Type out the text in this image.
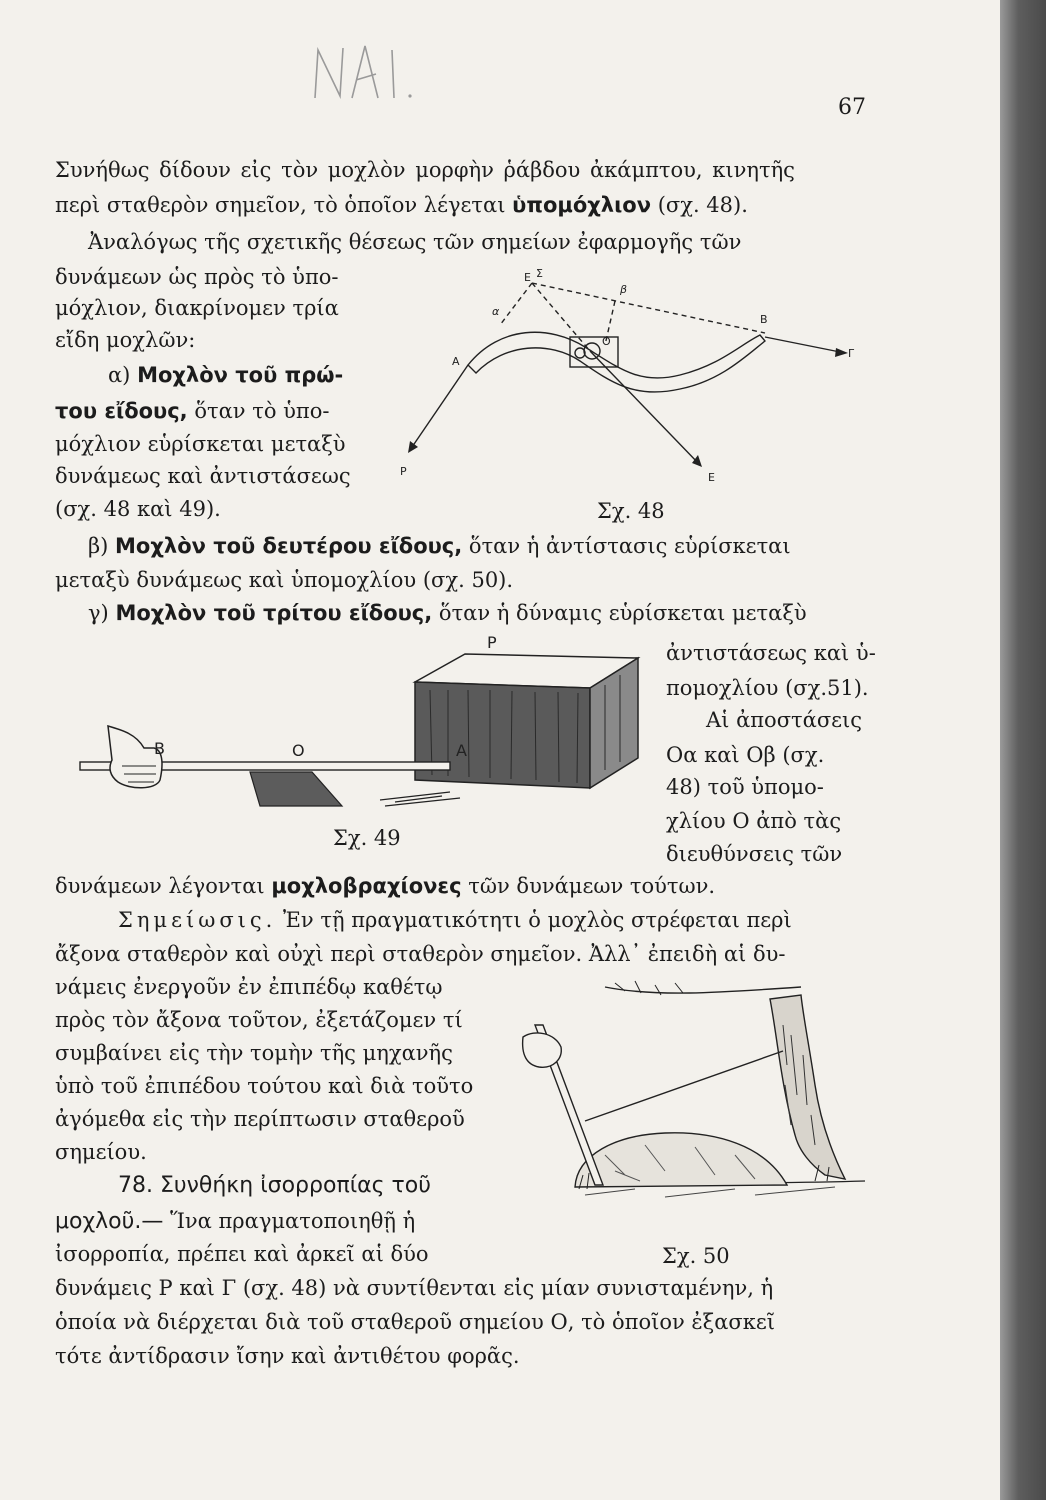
67
Συνήθως δίδουν εἰς τὸν μοχλὸν μορφὴν ῥάβδου ἀκάμπτου, κινητῆς
περὶ σταθερὸν σημεῖον, τὸ ὁποῖον λέγεται ὑπομόχλιον (σχ. 48).
Ἀναλόγως τῆς σχετικῆς θέσεως τῶν σημείων ἐφαρμογῆς τῶν
δυνάμεων ὡς πρὸς τὸ ὑπο-
μόχλιον, διακρίνομεν τρία
εἴδη μοχλῶν:
α) Μοχλὸν τοῦ πρώ-
του εἴδους, ὅταν τὸ ὑπο-
μόχλιον εὑρίσκεται μεταξὺ
δυνάμεως καὶ ἀντιστάσεως
(σχ. 48 καὶ 49).
Ε Σ
α
β
Β
Γ
Α
Ο
Ρ	Ε
Σχ. 48
β) Μοχλὸν τοῦ δευτέρου εἴδους, ὅταν ἡ ἀντίστασις εὑρίσκεται
μεταξὺ δυνάμεως καὶ ὑπομοχλίου (σχ. 50).
γ) Μοχλὸν τοῦ τρίτου εἴδους, ὅταν ἡ δύναμις εὑρίσκεται μεταξὺ
ἀντιστάσεως καὶ ὑ-
πομοχλίου (σχ.51).
Αἱ ἀποστάσεις
Οα καὶ Οβ (σχ.
48) τοῦ ὑπομο-
χλίου Ο ἀπὸ τὰς
διευθύνσεις τῶν
Ρ
Β	Ο	Α
Σχ. 49
δυνάμεων λέγονται μοχλοβραχίονες τῶν δυνάμεων τούτων.
Σημείωσις. Ἐν τῇ πραγματικότητι ὁ μοχλὸς στρέφεται περὶ
ἄξονα σταθερὸν καὶ οὐχὶ περὶ σταθερὸν σημεῖον. Ἀλλ᾽ ἐπειδὴ αἱ δυ-
νάμεις ἐνεργοῦν ἐν ἐπιπέδῳ καθέτῳ
πρὸς τὸν ἄξονα τοῦτον, ἐξετάζομεν τί
συμβαίνει εἰς τὴν τομὴν τῆς μηχανῆς
ὑπὸ τοῦ ἐπιπέδου τούτου καὶ διὰ τοῦτο
ἀγόμεθα εἰς τὴν περίπτωσιν σταθεροῦ
σημείου.
Σχ. 50
78. Συνθήκη ἰσορροπίας τοῦ
μοχλοῦ.— Ἵνα πραγματοποιηθῇ ἡ
ἰσορροπία, πρέπει καὶ ἀρκεῖ αἱ δύο
δυνάμεις Ρ καὶ Γ (σχ. 48) νὰ συντίθενται εἰς μίαν συνισταμένην, ἡ
ὁποία νὰ διέρχεται διὰ τοῦ σταθεροῦ σημείου Ο, τὸ ὁποῖον ἐξασκεῖ
τότε ἀντίδρασιν ἴσην καὶ ἀντιθέτου φορᾶς.
